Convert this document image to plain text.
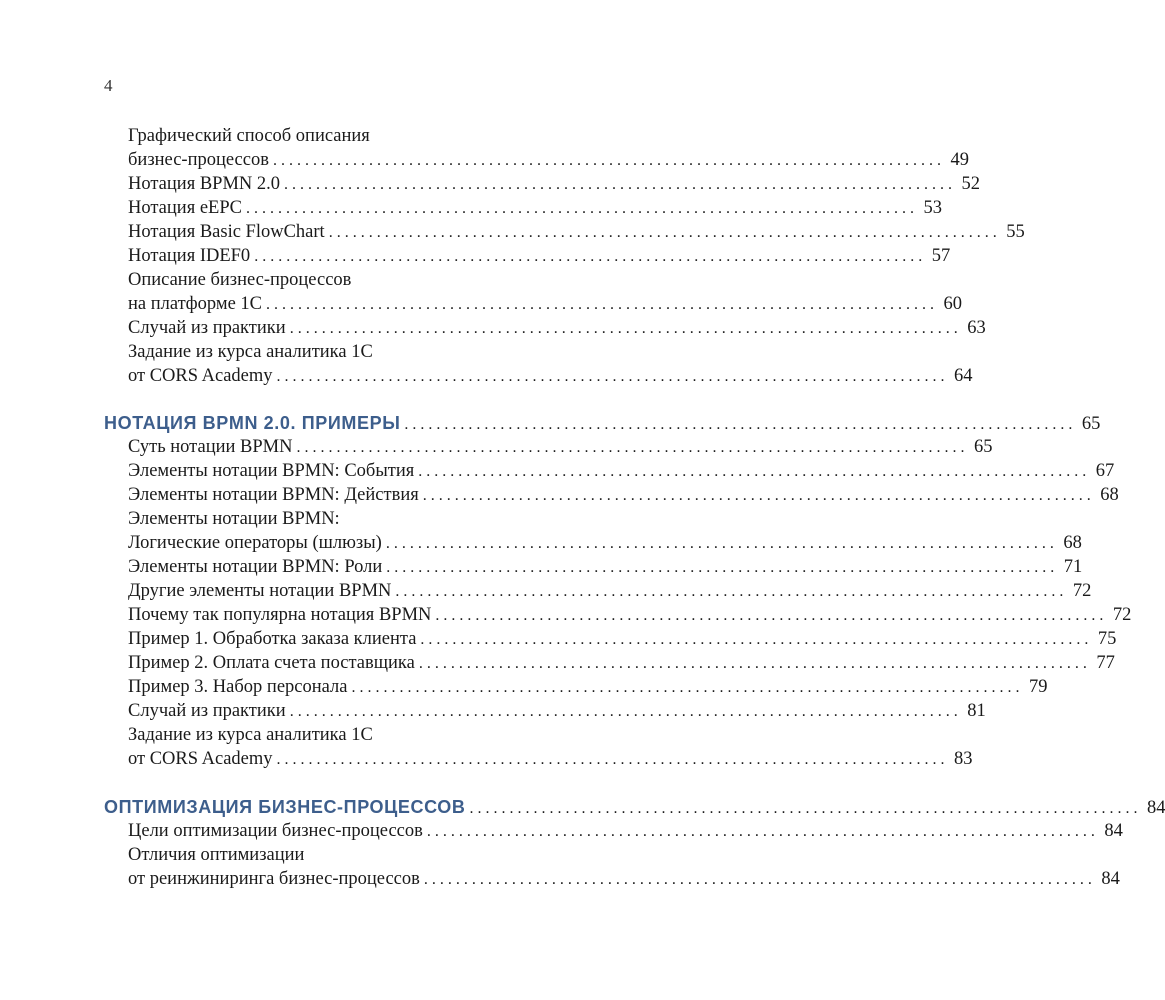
4
Графический способ описания
бизнес-процессов . . .	49
Нотация BPMN 2.0 . . .	52
Нотация eEPC . . .	53
Нотация Basic FlowChart . . .	55
Нотация IDEF0 . . .	57
Описание бизнес-процессов
на платформе 1С . . .	60
Случай из практики . . .	63
Задание из курса аналитика 1С
от CORS Academy . . .	64
НОТАЦИЯ BPMN 2.0. ПРИМЕРЫ . . .	65
Суть нотации BPMN . . .	65
Элементы нотации BPMN: События . . .	67
Элементы нотации BPMN: Действия . . .	68
Элементы нотации BPMN:
Логические операторы (шлюзы) . . .	68
Элементы нотации BPMN: Роли . . .	71
Другие элементы нотации BPMN . . .	72
Почему так популярна нотация BPMN . . .	72
Пример 1. Обработка заказа клиента . . .	75
Пример 2. Оплата счета поставщика . . .	77
Пример 3. Набор персонала . . .	79
Случай из практики . . .	81
Задание из курса аналитика 1С
от CORS Academy . . .	83
ОПТИМИЗАЦИЯ БИЗНЕС-ПРОЦЕССОВ . . .	84
Цели оптимизации бизнес-процессов . . .	84
Отличия оптимизации
от реинжиниринга бизнес-процессов . . .	84
